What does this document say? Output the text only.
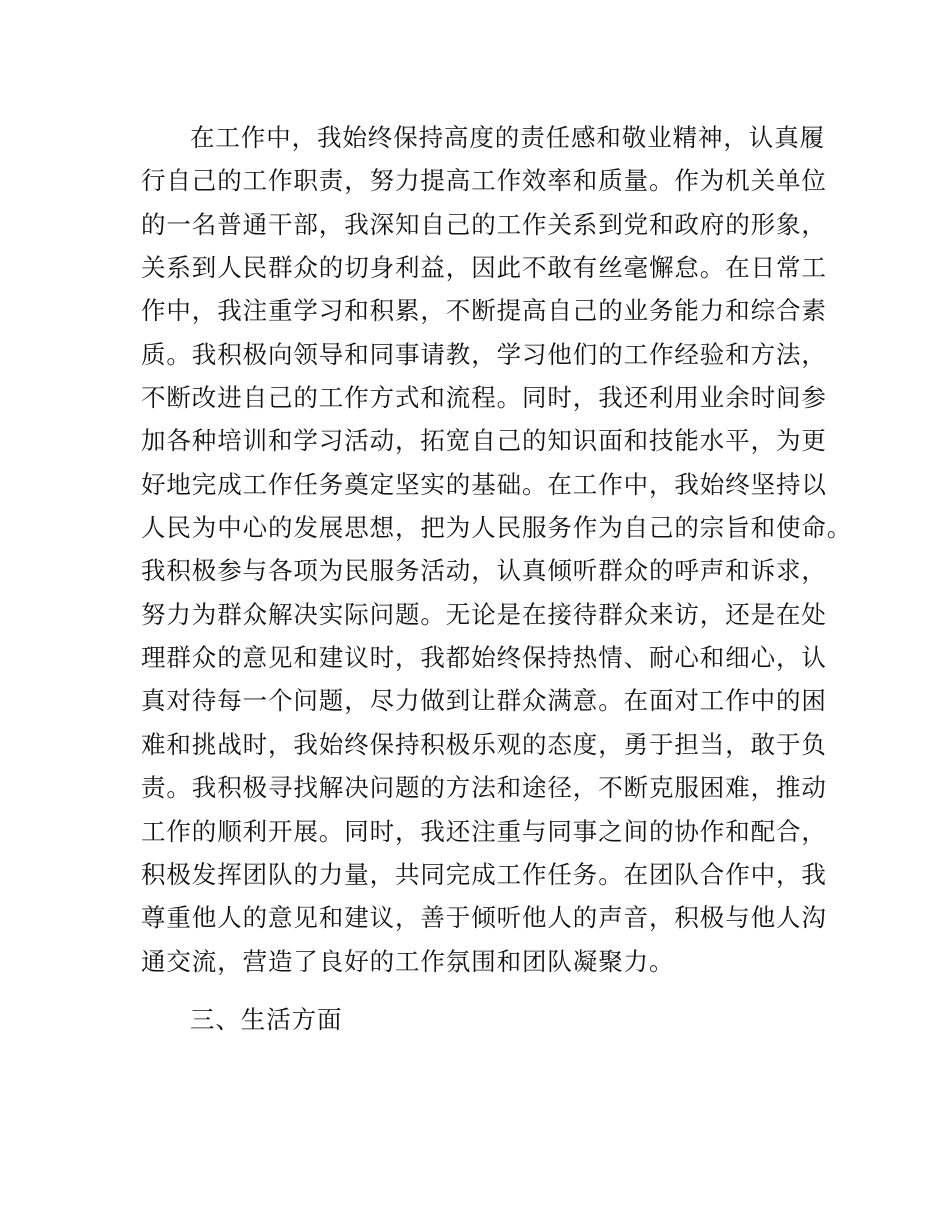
在工作中，我始终保持高度的责任感和敬业精神，认真履
行自己的工作职责，努力提高工作效率和质量。作为机关单位
的一名普通干部，我深知自己的工作关系到党和政府的形象，
关系到人民群众的切身利益，因此不敢有丝毫懈怠。在日常工
作中，我注重学习和积累，不断提高自己的业务能力和综合素
质。我积极向领导和同事请教，学习他们的工作经验和方法，
不断改进自己的工作方式和流程。同时，我还利用业余时间参
加各种培训和学习活动，拓宽自己的知识面和技能水平，为更
好地完成工作任务奠定坚实的基础。在工作中，我始终坚持以
人民为中心的发展思想，把为人民服务作为自己的宗旨和使命。
我积极参与各项为民服务活动，认真倾听群众的呼声和诉求，
努力为群众解决实际问题。无论是在接待群众来访，还是在处
理群众的意见和建议时，我都始终保持热情、耐心和细心，认
真对待每一个问题，尽力做到让群众满意。在面对工作中的困
难和挑战时，我始终保持积极乐观的态度，勇于担当，敢于负
责。我积极寻找解决问题的方法和途径，不断克服困难，推动
工作的顺利开展。同时，我还注重与同事之间的协作和配合，
积极发挥团队的力量，共同完成工作任务。在团队合作中，我
尊重他人的意见和建议，善于倾听他人的声音，积极与他人沟
通交流，营造了良好的工作氛围和团队凝聚力。
三、生活方面
